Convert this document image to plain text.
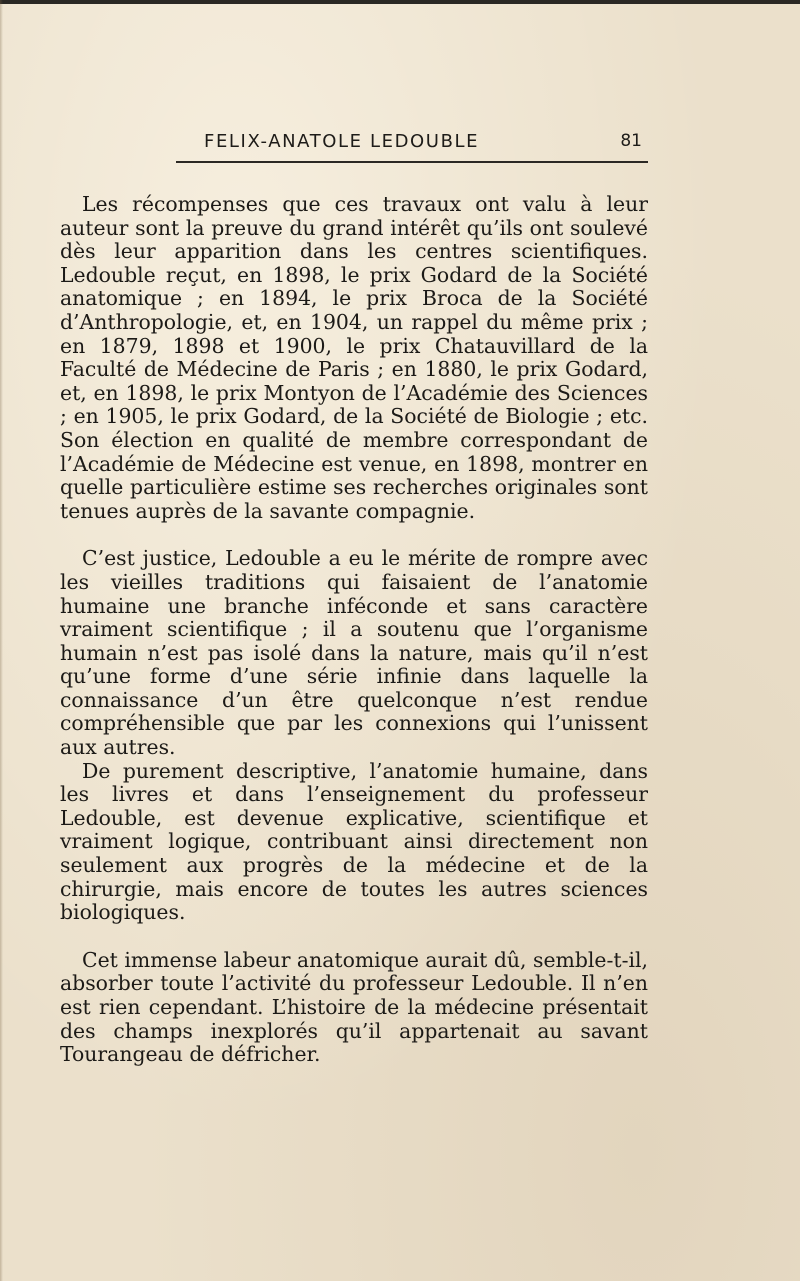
FELIX-ANATOLE LEDOUBLE	81

Les récompenses que ces travaux ont valu à leur auteur sont la preuve du grand intérêt qu’ils ont soulevé dès leur apparition dans les centres scientifiques. Ledouble reçut, en 1898, le prix Godard de la Société anatomique ; en 1894, le prix Broca de la Société d’Anthropologie, et, en 1904, un rappel du même prix ; en 1879, 1898 et 1900, le prix Chatauvillard de la Faculté de Médecine de Paris ; en 1880, le prix Godard, et, en 1898, le prix Montyon de l’Académie des Sciences ; en 1905, le prix Godard, de la Société de Biologie ; etc. Son élection en qualité de membre correspondant de l’Académie de Médecine est venue, en 1898, montrer en quelle particulière estime ses recherches originales sont tenues auprès de la savante compagnie.

C’est justice, Ledouble a eu le mérite de rompre avec les vieilles traditions qui faisaient de l’anatomie humaine une branche inféconde et sans caractère vraiment scientifique ; il a soutenu que l’organisme humain n’est pas isolé dans la nature, mais qu’il n’est qu’une forme d’une série infinie dans laquelle la connaissance d’un être quelconque n’est rendue compréhensible que par les connexions qui l’unissent aux autres.

De purement descriptive, l’anatomie humaine, dans les livres et dans l’enseignement du professeur Ledouble, est devenue explicative, scientifique et vraiment logique, contribuant ainsi directement non seulement aux progrès de la médecine et de la chirurgie, mais encore de toutes les autres sciences biologiques.

Cet immense labeur anatomique aurait dû, semble-t-il, absorber toute l’activité du professeur Ledouble. Il n’en est rien cependant. L’histoire de la médecine présentait des champs inexplorés qu’il appartenait au savant Tourangeau de défricher.
